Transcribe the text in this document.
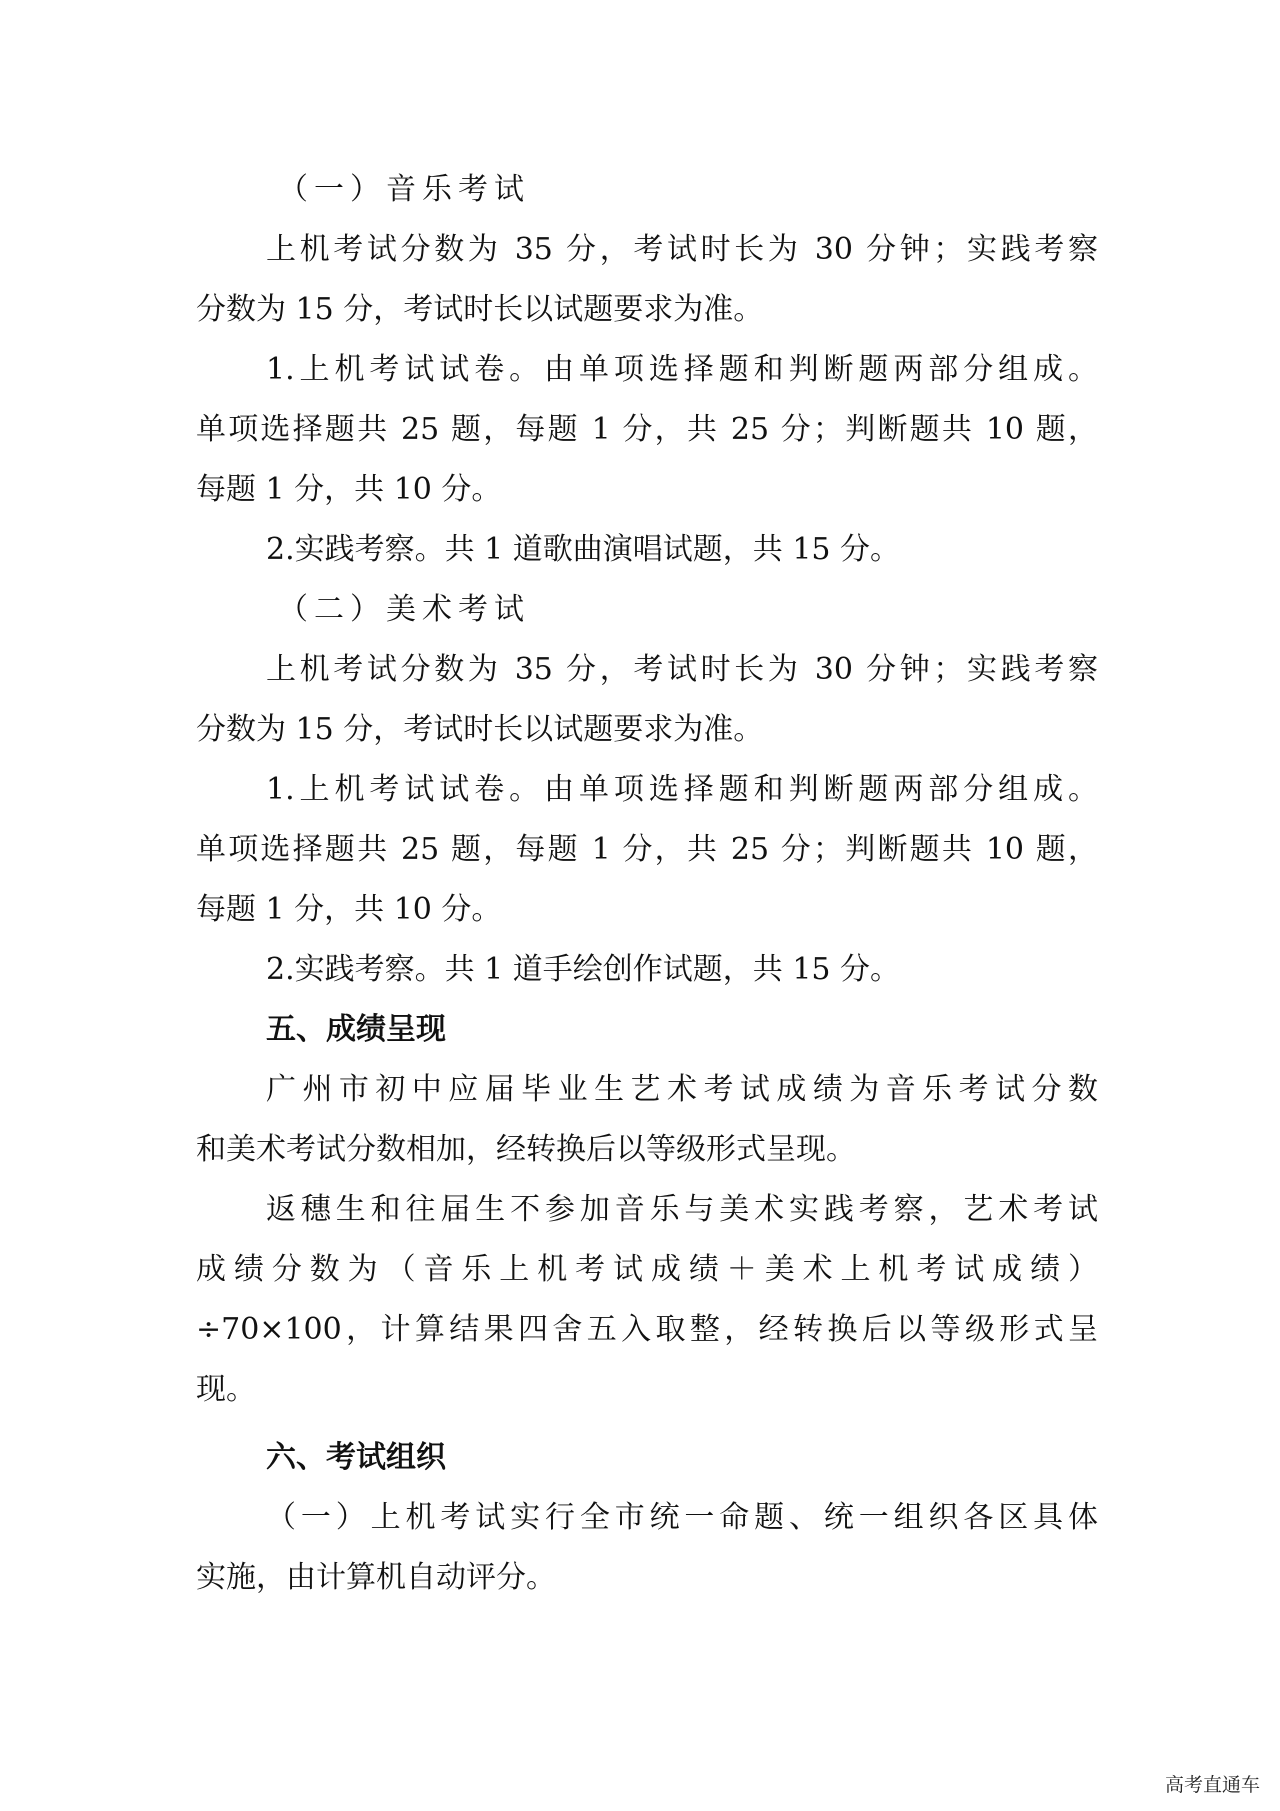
（一）音乐考试
上机考试分数为 35 分，考试时长为 30 分钟；实践考察
分数为 15 分，考试时长以试题要求为准。
1.上机考试试卷。由单项选择题和判断题两部分组成。
单项选择题共 25 题，每题 1 分，共 25 分；判断题共 10 题，
每题 1 分，共 10 分。
2.实践考察。共 1 道歌曲演唱试题，共 15 分。
（二）美术考试
上机考试分数为 35 分，考试时长为 30 分钟；实践考察
分数为 15 分，考试时长以试题要求为准。
1.上机考试试卷。由单项选择题和判断题两部分组成。
单项选择题共 25 题，每题 1 分，共 25 分；判断题共 10 题，
每题 1 分，共 10 分。
2.实践考察。共 1 道手绘创作试题，共 15 分。
五、成绩呈现
广州市初中应届毕业生艺术考试成绩为音乐考试分数
和美术考试分数相加，经转换后以等级形式呈现。
返穗生和往届生不参加音乐与美术实践考察，艺术考试
成绩分数为（音乐上机考试成绩＋美术上机考试成绩）
÷70×100，计算结果四舍五入取整，经转换后以等级形式呈
现。
六、考试组织
（一）上机考试实行全市统一命题、统一组织各区具体
实施，由计算机自动评分。
高考直通车
